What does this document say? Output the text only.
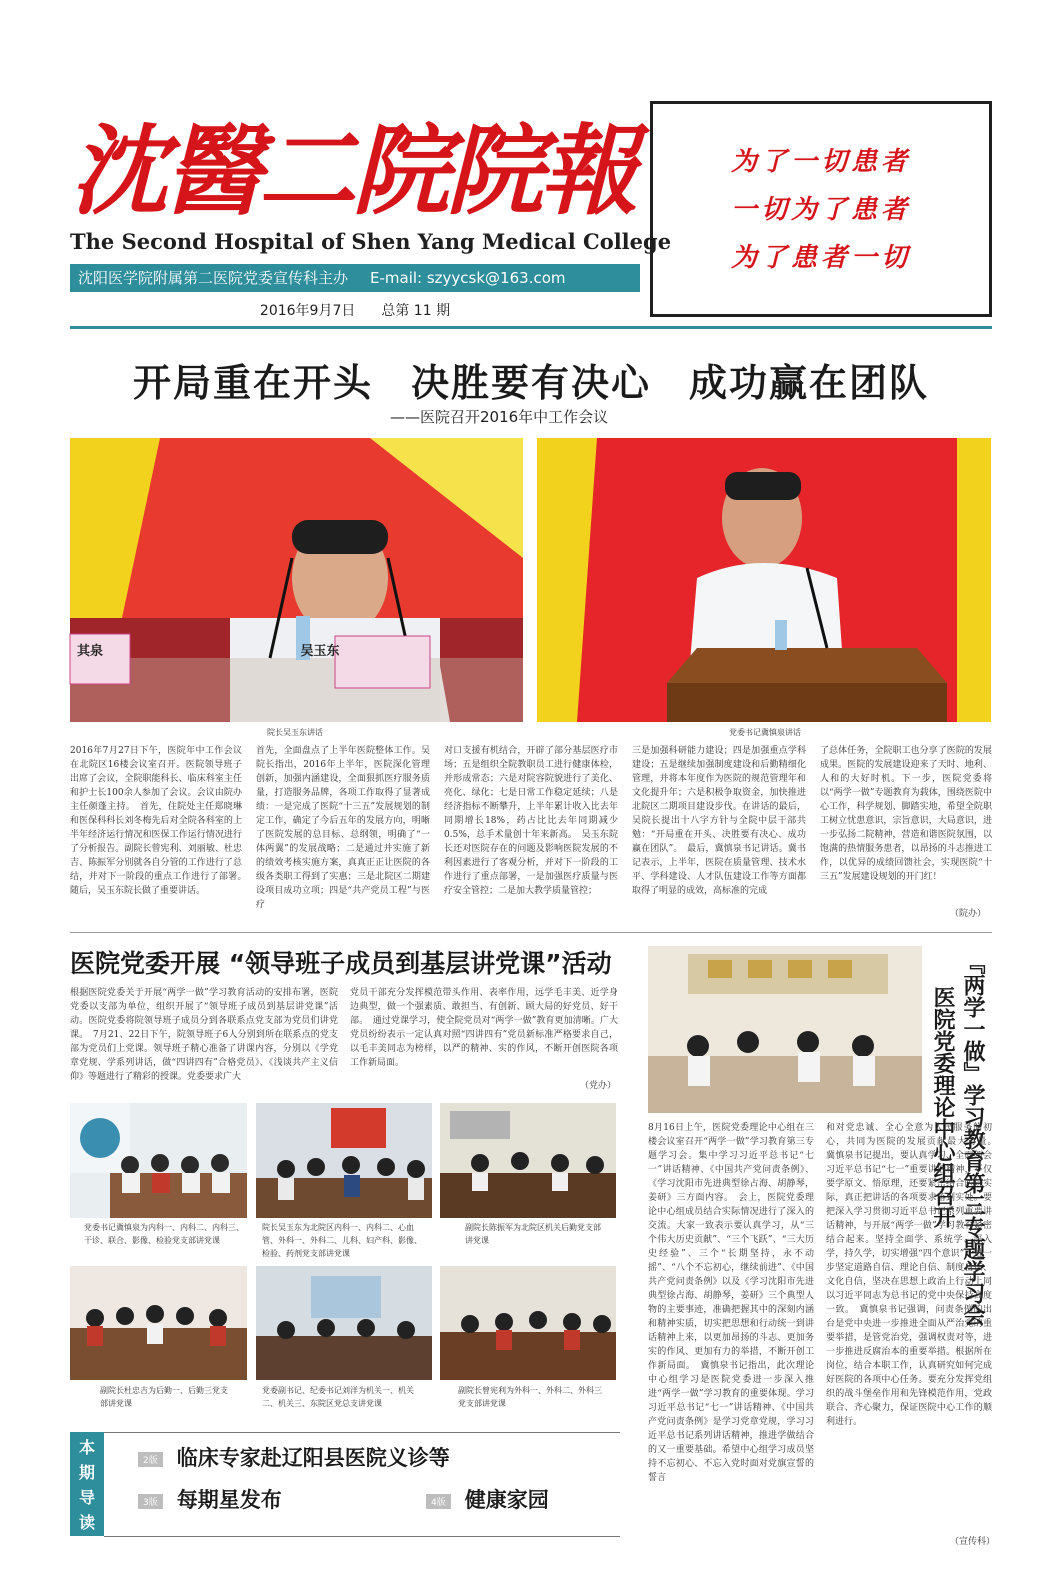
沈醫二院院報
The Second Hospital of Shen Yang Medical College
沈阳医学院附属第二医院党委宣传科主办 E-mail: szyycsk@163.com
2016年9月7日 总第 11 期
为了一切患者
一切为了患者
为了患者一切
开局重在开头 决胜要有决心 成功赢在团队
——医院召开2016年中工作会议
吴玉东
其泉
院长吴玉东讲话	党委书记冀慎泉讲话
2016年7月27日下午，医院年中工作会议在北院区16楼会议室召开。医院领导班子出席了会议，全院职能科长、临床科室主任和护士长100余人参加了会议。会议由院办主任颜蓬主持。　首先，住院处主任郑晓琳和医保科科长刘冬梅先后对全院各科室的上半年经济运行情况和医保工作运行情况进行了分析报告。副院长曾宪利、刘丽敏、杜忠吉、陈振军分别就各自分管的工作进行了总结，并对下一阶段的重点工作进行了部署。　随后，吴玉东院长做了重要讲话。
首先，全面盘点了上半年医院整体工作。吴院长指出，2016年上半年，医院深化管理创新，加强内涵建设，全面狠抓医疗服务质量，打造服务品牌，各项工作取得了显著成绩：一是完成了医院“十三五”发展规划的制定工作，确定了今后五年的发展方向，明晰了医院发展的总目标、总纲领，明确了“一体两翼”的发展战略；二是通过并实施了新的绩效考核实施方案，真真正正让医院的各级各类职工得到了实惠；三是北院区二期建设项目成功立项；四是“共产党员工程”与医疗
对口支援有机结合，开辟了部分基层医疗市场；五是组织全院教职员工进行健康体检，并形成常态；六是对院容院貌进行了美化、亮化、绿化；七是日常工作稳定延续；八是经济指标不断攀升，上半年累计收入比去年同期增长18%，药占比比去年同期减少0.5%，总手术量创十年来新高。　吴玉东院长还对医院存在的问题及影响医院发展的不利因素进行了客观分析，并对下一阶段的工作进行了重点部署，一是加强医疗质量与医疗安全管控；二是加大教学质量管控；
三是加强科研能力建设；四是加强重点学科建设；五是继续加强制度建设和后勤精细化管理，并将本年度作为医院的规范管理年和文化提升年；六是积极争取资金，加快推进北院区二期项目建设步伐。在讲话的最后，吴院长提出十八字方针与全院中层干部共勉：“开局重在开头、决胜要有决心、成功赢在团队”。　最后，冀慎泉书记讲话。冀书记表示，上半年，医院在质量管理、技术水平、学科建设、人才队伍建设工作等方面都取得了明显的成效，高标准的完成
了总体任务，全院职工也分享了医院的发展成果。医院的发展建设迎来了天时、地利、人和的大好时机。下一步，医院党委将以“两学一做”专题教育为载体，围绕医院中心工作，科学规划、脚踏实地，希望全院职工树立忧患意识，宗旨意识，大局意识，进一步弘扬二院精神，营造和谐医院氛围，以饱满的热情服务患者，以昂扬的斗志推进工作，以优异的成绩回馈社会，实现医院“十三五”发展建设规划的开门红！
（院办）
医院党委开展 “领导班子成员到基层讲党课”活动
根据医院党委关于开展“两学一做”学习教育活动的安排布署，医院党委以支部为单位，组织开展了“领导班子成员到基层讲党课”活动。医院党委将院领导班子成员分到各联系点党支部为党员们讲党课。　7月21、22日下午，院领导班子6人分别到所在联系点的党支部为党员们上党课。领导班子精心准备了讲课内容，分别以《学党章党规、学系列讲话，做“四讲四有”合格党员》、《浅谈共产主义信仰》等题进行了精彩的授课。党委要求广大
党员干部充分发挥模范带头作用、表率作用，远学毛丰美、近学身边典型，做一个强素质、敢担当、有创新、顾大局的好党员、好干部。　通过党课学习，使全院党员对“两学一做”教育更加清晰。广大党员纷纷表示一定认真对照“四讲四有”党员新标准严格要求自己，以毛丰美同志为榜样，以严的精神、实的作风，不断开创医院各项工作新局面。
（党办）
党委书记冀慎泉为内科一、内科二、内科三、干诊、联合、影像、检验党支部讲党课
院长吴玉东为北院区内科一、内科二、心血管、外科一、外科二、儿科、妇产科、影像、检验、药剂党支部讲党课
副院长陈振军为北院区机关后勤党支部讲党课
副院长杜忠吉为后勤一、后勤三党支部讲党课
党委副书记、纪委书记刘洋为机关一、机关二、机关三、东院区党总支讲党课
副院长曾宪利为外科一、外科二、外科三党支部讲党课
『两学一做』学习教育第三专题学习会
医院党委理论中心组召开
8月16日上午，医院党委理论中心组在三楼会议室召开“两学一做”学习教育第三专题学习会。集中学习习近平总书记“七一”讲话精神、《中国共产党问责条例》、《学习沈阳市先进典型徐占海、胡静琴，姜研》三方面内容。　会上，医院党委理论中心组成员结合实际情况进行了深入的交流。大家一致表示要认真学习，从“三个伟大历史贡献”、“三个飞跃”、“三大历史经验”、三个“长期坚持，永不动摇”、“八个不忘初心，继续前进”、《中国共产党问责条例》以及《学习沈阳市先进典型徐占海、胡静琴，姜研》三个典型人物的主要事迹，准确把握其中的深刻内涵和精神实质，切实把思想和行动统一到讲话精神上来，以更加昂扬的斗志、更加务实的作风、更加有力的举措，不断开创工作新局面。　冀慎泉书记指出，此次理论中心组学习是医院党委进一步深入推进“两学一做”学习教育的重要体现。学习习近平总书记“七一”讲话精神、《中国共产党问责条例》是学习党章党规，学习习近平总书记系列讲话精神，推进学做结合的又一重要基础。希望中心组学习成员坚持不忘初心、不忘入党时面对党旗宣誓的誓言
和对党忠诚、全心全意为人民服务的初心，共同为医院的发展贡献最大力量。　冀慎泉书记提出，要认真学习、全面领会习近平总书记“七一”重要讲话精神，不仅要学原文、悟原理，还要紧密结合医院实际，真正把讲话的各项要求落到实处。要把深入学习贯彻习近平总书记系列重要讲话精神，与开展“两学一做”学习教育紧密结合起来。坚持全面学、系统学、深入学，持久学，切实增强“四个意识”，进一步坚定道路自信、理论自信、制度自信、文化自信，坚决在思想上政治上行动上同以习近平同志为总书记的党中央保持高度一致。　冀慎泉书记强调，问责条例的出台是党中央进一步推进全面从严治党的重要举措，是管党治党，强调权责对等，进一步推进反腐治本的重要举措。根据所在岗位，结合本职工作，认真研究如何完成好医院的各项中心任务。要充分发挥党组织的战斗堡垒作用和先锋模范作用，党政联合、齐心聚力，保证医院中心工作的顺利进行。
（宣传科）
本
期
导
读
2版 临床专家赴辽阳县医院义诊等
3版 每期星发布	4版 健康家园
